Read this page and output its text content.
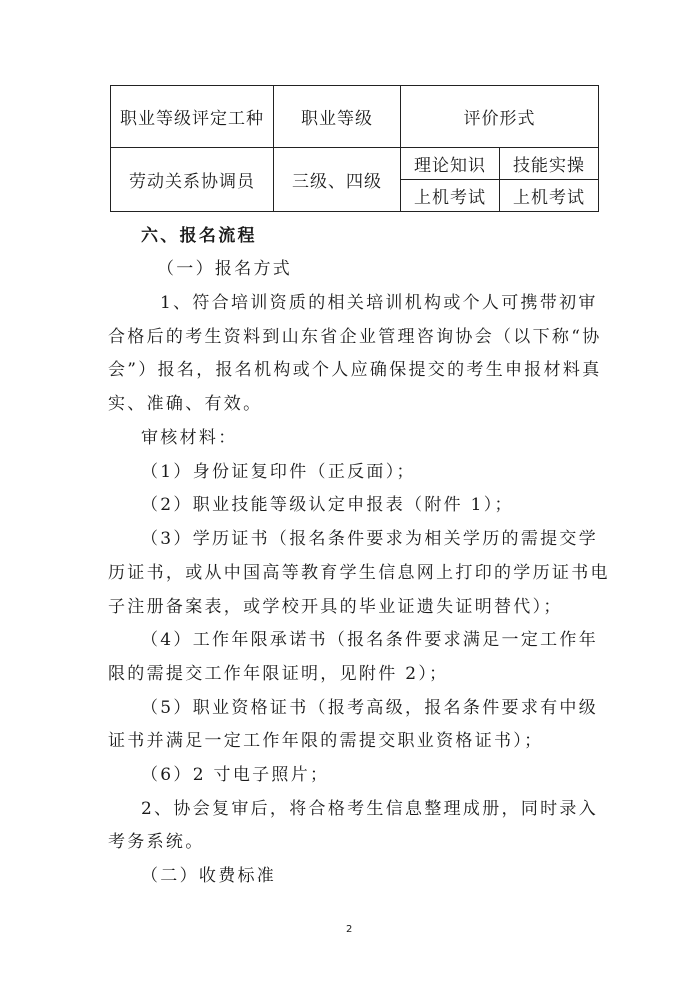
职业等级评定工种	职业等级	评价形式	
劳动关系协调员	三级、四级	理论知识	技能实操
		上机考试	上机考试
六、报名流程
（一）报名方式
1、符合培训资质的相关培训机构或个人可携带初审
合格后的考生资料到山东省企业管理咨询协会（以下称“协
会”）报名，报名机构或个人应确保提交的考生申报材料真
实、准确、有效。
审核材料：
（1）身份证复印件（正反面）；
（2）职业技能等级认定申报表（附件 1）；
（3）学历证书（报名条件要求为相关学历的需提交学
历证书，或从中国高等教育学生信息网上打印的学历证书电
子注册备案表，或学校开具的毕业证遗失证明替代）；
（4）工作年限承诺书（报名条件要求满足一定工作年
限的需提交工作年限证明，见附件 2）；
（5）职业资格证书（报考高级，报名条件要求有中级
证书并满足一定工作年限的需提交职业资格证书）；
（6）2 寸电子照片；
2、协会复审后，将合格考生信息整理成册，同时录入
考务系统。
（二）收费标准
2
